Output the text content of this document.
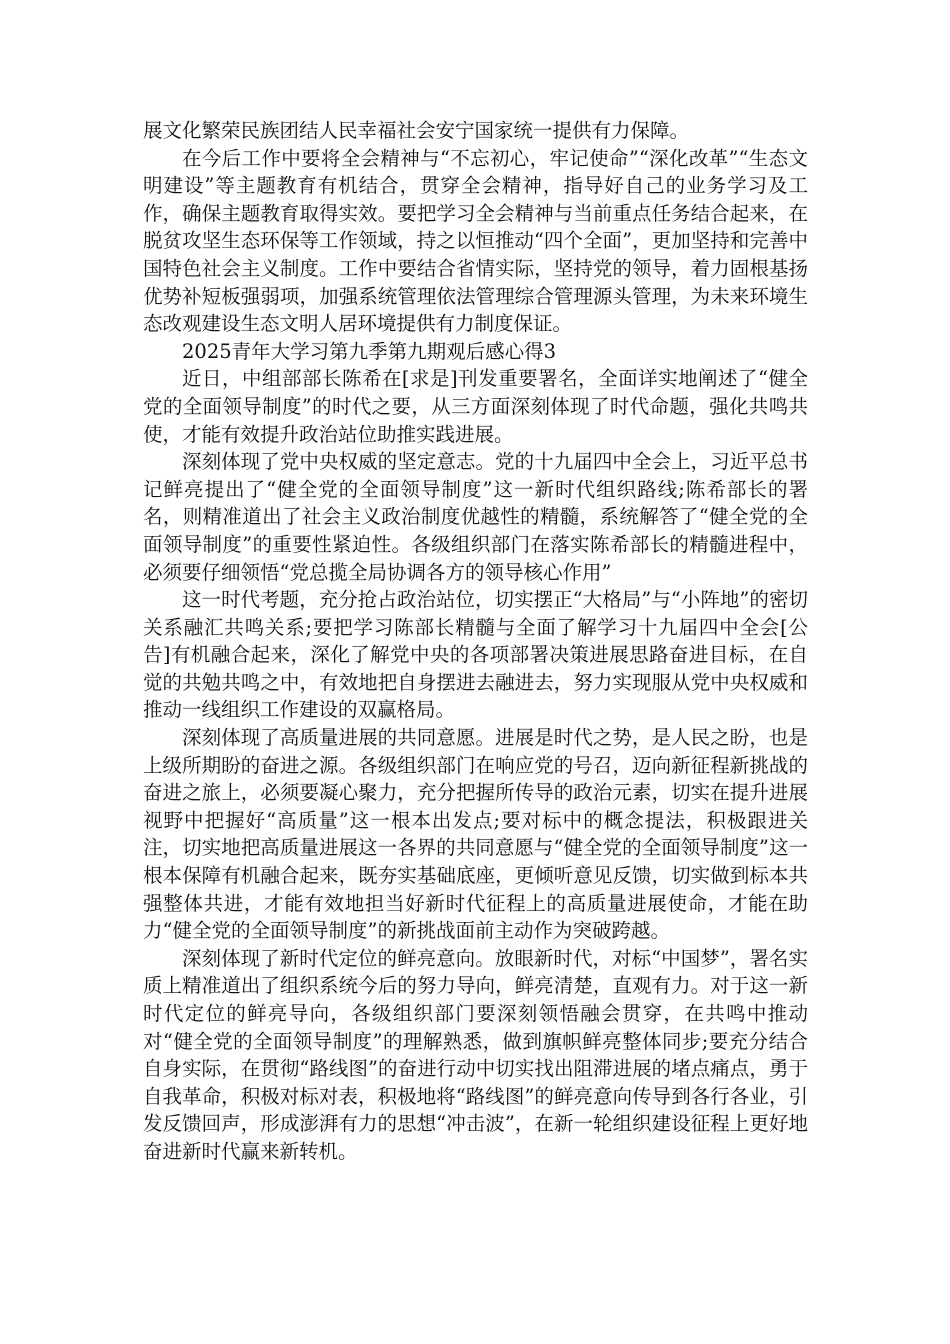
展文化繁荣民族团结人民幸福社会安宁国家统一提供有力保障。

在今后工作中要将全会精神与“不忘初心，牢记使命”“深化改革”“生态文明建设”等主题教育有机结合，贯穿全会精神，指导好自己的业务学习及工作，确保主题教育取得实效。要把学习全会精神与当前重点任务结合起来，在脱贫攻坚生态环保等工作领域，持之以恒推动“四个全面”，更加坚持和完善中国特色社会主义制度。工作中要结合省情实际，坚持党的领导，着力固根基扬优势补短板强弱项，加强系统管理依法管理综合管理源头管理，为未来环境生态改观建设生态文明人居环境提供有力制度保证。

2025青年大学习第九季第九期观后感心得3

近日，中组部部长陈希在[求是]刊发重要署名，全面详实地阐述了“健全党的全面领导制度”的时代之要，从三方面深刻体现了时代命题，强化共鸣共使，才能有效提升政治站位助推实践进展。

深刻体现了党中央权威的坚定意志。党的十九届四中全会上，习近平总书记鲜亮提出了“健全党的全面领导制度”这一新时代组织路线;陈希部长的署名，则精准道出了社会主义政治制度优越性的精髓，系统解答了“健全党的全面领导制度”的重要性紧迫性。各级组织部门在落实陈希部长的精髓进程中，必须要仔细领悟“党总揽全局协调各方的领导核心作用”

这一时代考题，充分抢占政治站位，切实摆正“大格局”与“小阵地”的密切关系融汇共鸣关系;要把学习陈部长精髓与全面了解学习十九届四中全会[公告]有机融合起来，深化了解党中央的各项部署决策进展思路奋进目标，在自觉的共勉共鸣之中，有效地把自身摆进去融进去，努力实现服从党中央权威和推动一线组织工作建设的双赢格局。

深刻体现了高质量进展的共同意愿。进展是时代之势，是人民之盼，也是上级所期盼的奋进之源。各级组织部门在响应党的号召，迈向新征程新挑战的奋进之旅上，必须要凝心聚力，充分把握所传导的政治元素，切实在提升进展视野中把握好“高质量”这一根本出发点;要对标中的概念提法，积极跟进关注，切实地把高质量进展这一各界的共同意愿与“健全党的全面领导制度”这一根本保障有机融合起来，既夯实基础底座，更倾听意见反馈，切实做到标本共强整体共进，才能有效地担当好新时代征程上的高质量进展使命，才能在助力“健全党的全面领导制度”的新挑战面前主动作为突破跨越。

深刻体现了新时代定位的鲜亮意向。放眼新时代，对标“中国梦”，署名实质上精准道出了组织系统今后的努力导向，鲜亮清楚，直观有力。对于这一新时代定位的鲜亮导向，各级组织部门要深刻领悟融会贯穿，在共鸣中推动对“健全党的全面领导制度”的理解熟悉，做到旗帜鲜亮整体同步;要充分结合自身实际，在贯彻“路线图”的奋进行动中切实找出阻滞进展的堵点痛点，勇于自我革命，积极对标对表，积极地将“路线图”的鲜亮意向传导到各行各业，引发反馈回声，形成澎湃有力的思想“冲击波”，在新一轮组织建设征程上更好地奋进新时代赢来新转机。
